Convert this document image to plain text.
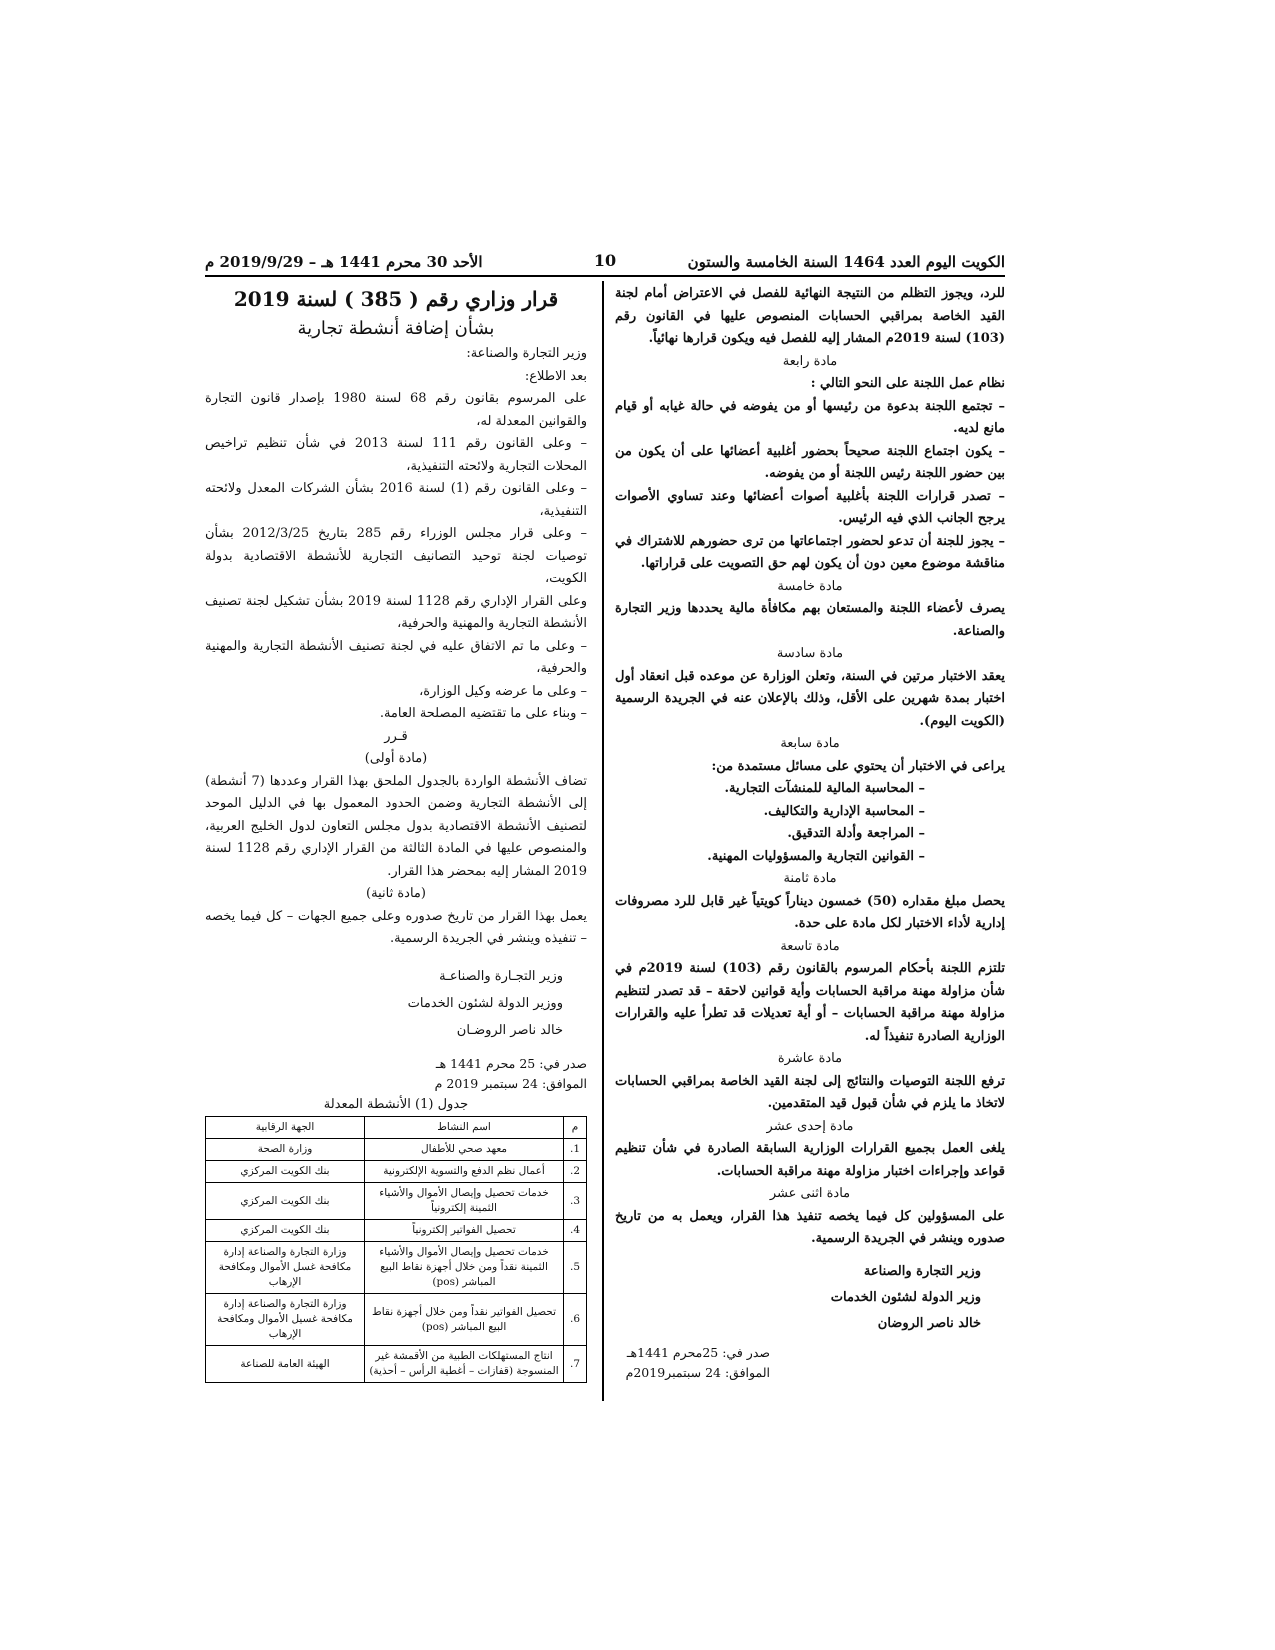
الكويت اليوم العدد 1464 السنة الخامسة والستون
10
الأحد 30 محرم 1441 هـ – 2019/9/29 م

للرد، ويجوز التظلم من النتيجة النهائية للفصل في الاعتراض أمام لجنة القيد الخاصة بمراقبي الحسابات المنصوص عليها في القانون رقم (103) لسنة 2019م المشار إليه للفصل فيه ويكون قرارها نهائياً.

مادة رابعة

نظام عمل اللجنة على النحو التالي :

– تجتمع اللجنة بدعوة من رئيسها أو من يفوضه في حالة غيابه أو قيام مانع لديه.

– يكون اجتماع اللجنة صحيحاً بحضور أغلبية أعضائها على أن يكون من بين حضور اللجنة رئيس اللجنة أو من يفوضه.

– تصدر قرارات اللجنة بأغلبية أصوات أعضائها وعند تساوي الأصوات يرجح الجانب الذي فيه الرئيس.

– يجوز للجنة أن تدعو لحضور اجتماعاتها من ترى حضورهم للاشتراك في مناقشة موضوع معين دون أن يكون لهم حق التصويت على قراراتها.

مادة خامسة

يصرف لأعضاء اللجنة والمستعان بهم مكافأة مالية يحددها وزير التجارة والصناعة.

مادة سادسة

يعقد الاختبار مرتين في السنة، وتعلن الوزارة عن موعده قبل انعقاد أول اختبار بمدة شهرين على الأقل، وذلك بالإعلان عنه في الجريدة الرسمية (الكويت اليوم).

مادة سابعة

يراعى في الاختبار أن يحتوي على مسائل مستمدة من:

– المحاسبة المالية للمنشآت التجارية.

– المحاسبة الإدارية والتكاليف.

– المراجعة وأدلة التدقيق.

– القوانين التجارية والمسؤوليات المهنية.

مادة ثامنة

يحصل مبلغ مقداره (50) خمسون ديناراً كويتياً غير قابل للرد مصروفات إدارية لأداء الاختبار لكل مادة على حدة.

مادة تاسعة

تلتزم اللجنة بأحكام المرسوم بالقانون رقم (103) لسنة 2019م في شأن مزاولة مهنة مراقبة الحسابات وأية قوانين لاحقة – قد تصدر لتنظيم مزاولة مهنة مراقبة الحسابات – أو أية تعديلات قد تطرأ عليه والقرارات الوزارية الصادرة تنفيذاً له.

مادة عاشرة

ترفع اللجنة التوصيات والنتائج إلى لجنة القيد الخاصة بمراقبي الحسابات لاتخاذ ما يلزم في شأن قبول قيد المتقدمين.

مادة إحدى عشر

يلغى العمل بجميع القرارات الوزارية السابقة الصادرة في شأن تنظيم قواعد وإجراءات اختبار مزاولة مهنة مراقبة الحسابات.

مادة اثنى عشر

على المسؤولين كل فيما يخصه تنفيذ هذا القرار، ويعمل به من تاريخ صدوره وينشر في الجريدة الرسمية.

وزير التجارة والصناعة

وزير الدولة لشئون الخدمات

خالد ناصر الروضان

صدر في: 25محرم 1441هـ

الموافق: 24 سبتمبر2019م

قرار وزاري رقم ( 385 ) لسنة 2019

بشأن إضافة أنشطة تجارية

وزير التجارة والصناعة:

بعد الاطلاع:

على المرسوم بقانون رقم 68 لسنة 1980 بإصدار قانون التجارة والقوانين المعدلة له،

– وعلى القانون رقم 111 لسنة 2013 في شأن تنظيم تراخيص المحلات التجارية ولائحته التنفيذية،

– وعلى القانون رقم (1) لسنة 2016 بشأن الشركات المعدل ولائحته التنفيذية،

– وعلى قرار مجلس الوزراء رقم 285 بتاريخ 2012/3/25 بشأن توصيات لجنة توحيد التصانيف التجارية للأنشطة الاقتصادية بدولة الكويت،

وعلى القرار الإداري رقم 1128 لسنة 2019 بشأن تشكيل لجنة تصنيف الأنشطة التجارية والمهنية والحرفية،

– وعلى ما تم الاتفاق عليه في لجنة تصنيف الأنشطة التجارية والمهنية والحرفية،

– وعلى ما عرضه وكيل الوزارة،

– وبناء على ما تقتضيه المصلحة العامة.

قـرر

(مادة أولى)

تضاف الأنشطة الواردة بالجدول الملحق بهذا القرار وعددها (7 أنشطة) إلى الأنشطة التجارية وضمن الحدود المعمول بها في الدليل الموحد لتصنيف الأنشطة الاقتصادية بدول مجلس التعاون لدول الخليج العربية، والمنصوص عليها في المادة الثالثة من القرار الإداري رقم 1128 لسنة 2019 المشار إليه بمحضر هذا القرار.

(مادة ثانية)

يعمل بهذا القرار من تاريخ صدوره وعلى جميع الجهات – كل فيما يخصه – تنفيذه وينشر في الجريدة الرسمية.

وزير التجـارة والصناعـة

ووزير الدولة لشئون الخدمات

خالد ناصر الروضـان

صدر في: 25 محرم 1441 هـ

الموافق: 24 سبتمبر 2019 م

جدول (1) الأنشطة المعدلة

م	اسم النشاط	الجهة الرقابية
1.	معهد صحي للأطفال	وزارة الصحة
2.	أعمال نظم الدفع والتسوية الإلكترونية	بنك الكويت المركزي
3.	خدمات تحصيل وإيصال الأموال والأشياء الثمينة إلكترونياً	بنك الكويت المركزي
4.	تحصيل الفواتير إلكترونياً	بنك الكويت المركزي
5.	خدمات تحصيل وإيصال الأموال والأشياء الثمينة نقداً ومن خلال أجهزة نقاط البيع المباشر (pos)	وزارة التجارة والصناعة إدارة مكافحة غسل الأموال ومكافحة الإرهاب
6.	تحصيل الفواتير نقداً ومن خلال أجهزة نقاط البيع المباشر (pos)	وزارة التجارة والصناعة إدارة مكافحة غسيل الأموال ومكافحة الإرهاب
7.	انتاج المستهلكات الطبية من الأقمشة غير المنسوجة (قفازات – أغطية الرأس – أحذية)	الهيئة العامة للصناعة
